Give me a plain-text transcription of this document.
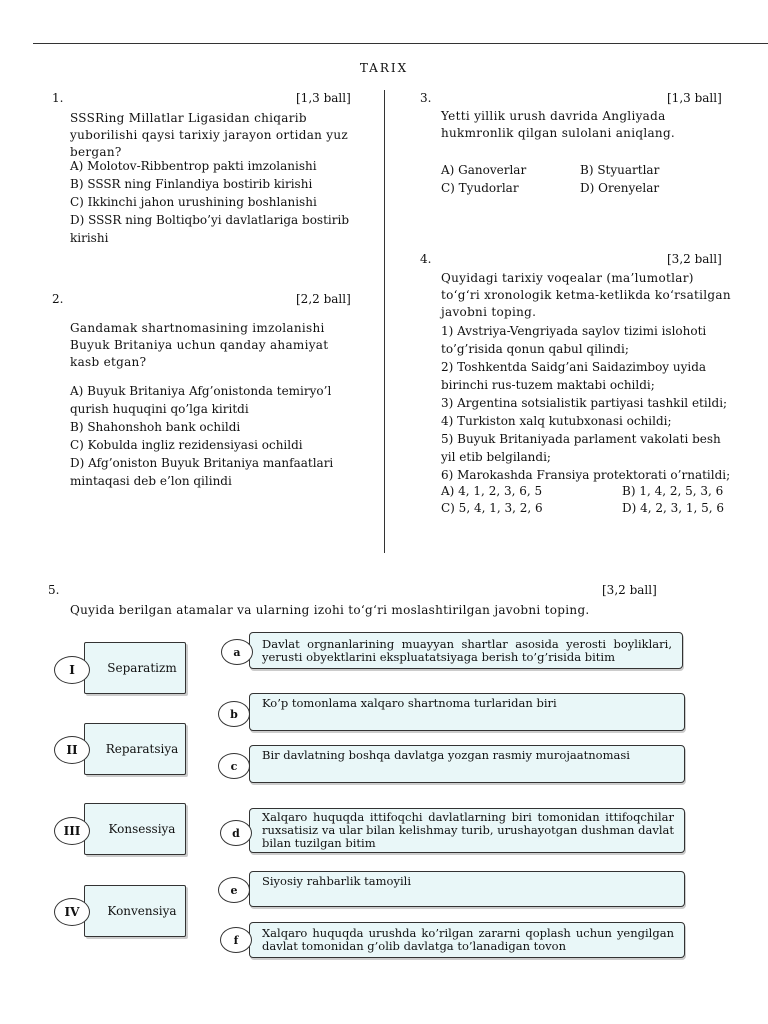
TARIX
1.	[1,3 ball]
SSSRing Millatlar Ligasidan chiqarib yuborilishi qaysi tarixiy jarayon ortidan yuz bergan?
A) Molotov-Ribbentrop pakti imzolanishi
B) SSSR ning Finlandiya bostirib kirishi
C) Ikkinchi jahon urushining boshlanishi
D) SSSR ning Boltiqbo’yi davlatlariga bostirib kirishi
2.	[2,2 ball]
Gandamak shartnomasining imzolanishi Buyuk Britaniya uchun qanday ahamiyat kasb etgan?
A) Buyuk Britaniya Afg’onistonda temiryo’l qurish huquqini qo’lga kiritdi
B) Shahonshoh bank ochildi
C) Kobulda ingliz rezidensiyasi ochildi
D) Afg’oniston Buyuk Britaniya manfaatlari mintaqasi deb e’lon qilindi
3.	[1,3 ball]
Yetti yillik urush davrida Angliyada hukmronlik qilgan sulolani aniqlang.
A) Ganoverlar	B) Styuartlar
C) Tyudorlar	D) Orenyelar
4.	[3,2 ball]
Quyidagi tarixiy voqealar (ma’lumotlar) to‘g‘ri xronologik ketma-ketlikda ko‘rsatilgan javobni toping.
1) Avstriya-Vengriyada saylov tizimi islohoti to’g’risida qonun qabul qilindi;
2) Toshkentda Saidg’ani Saidazimboy uyida birinchi rus-tuzem maktabi ochildi;
3) Argentina sotsialistik partiyasi tashkil etildi;
4) Turkiston xalq kutubxonasi ochildi;
5) Buyuk Britaniyada parlament vakolati besh yil etib belgilandi;
6) Marokashda Fransiya protektorati o’rnatildi;
A) 4, 1, 2, 3, 6, 5	B) 1, 4, 2, 5, 3, 6
C) 5, 4, 1, 3, 2, 6	D) 4, 2, 3, 1, 5, 6
5.	[3,2 ball]
Quyida berilgan atamalar va ularning izohi to‘g‘ri moslashtirilgan javobni toping.
Separatizm
I
Reparatsiya
II
Konsessiya
III
Konvensiya
IV
Davlat orgnanlarining muayyan shartlar asosida yerosti boyliklari, yerusti obyektlarini ekspluatatsiyaga berish to’g’risida bitim
a
Ko’p tomonlama xalqaro shartnoma turlaridan biri
b
Bir davlatning boshqa davlatga yozgan rasmiy murojaatnomasi
c
Xalqaro huquqda ittifoqchi davlatlarning biri tomonidan ittifoqchilar ruxsatisiz va ular bilan kelishmay turib, urushayotgan dushman davlat bilan tuzilgan bitim
d
Siyosiy rahbarlik tamoyili
e
Xalqaro huquqda urushda ko’rilgan zararni qoplash uchun yengilgan davlat tomonidan g’olib davlatga to’lanadigan tovon
f
